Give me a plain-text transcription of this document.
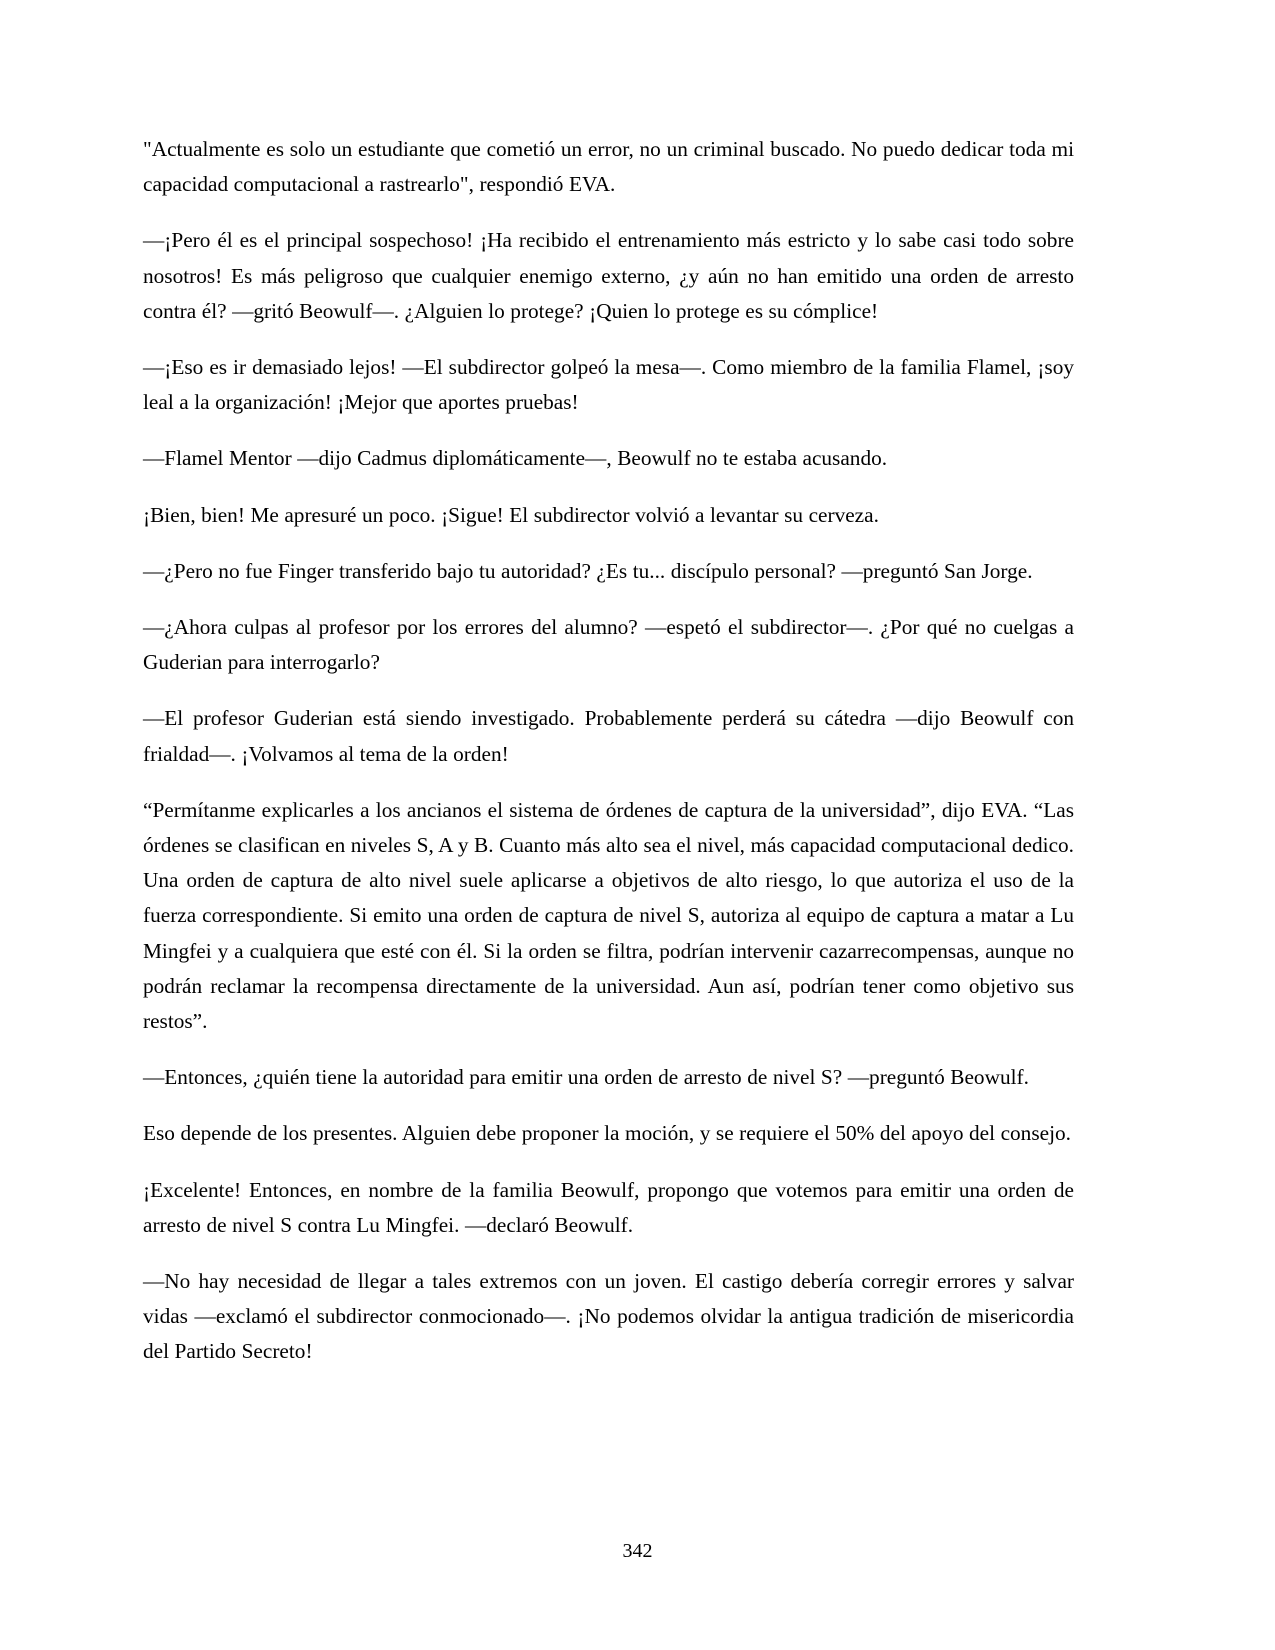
"Actualmente es solo un estudiante que cometió un error, no un criminal buscado. No puedo dedicar toda mi capacidad computacional a rastrearlo", respondió EVA.

—¡Pero él es el principal sospechoso! ¡Ha recibido el entrenamiento más estricto y lo sabe casi todo sobre nosotros! Es más peligroso que cualquier enemigo externo, ¿y aún no han emitido una orden de arresto contra él? —gritó Beowulf—. ¿Alguien lo protege? ¡Quien lo protege es su cómplice!

—¡Eso es ir demasiado lejos! —El subdirector golpeó la mesa—. Como miembro de la familia Flamel, ¡soy leal a la organización! ¡Mejor que aportes pruebas!

—Flamel Mentor —dijo Cadmus diplomáticamente—, Beowulf no te estaba acusando.

¡Bien, bien! Me apresuré un poco. ¡Sigue! El subdirector volvió a levantar su cerveza.

—¿Pero no fue Finger transferido bajo tu autoridad? ¿Es tu... discípulo personal? —preguntó San Jorge.

—¿Ahora culpas al profesor por los errores del alumno? —espetó el subdirector—. ¿Por qué no cuelgas a Guderian para interrogarlo?

—El profesor Guderian está siendo investigado. Probablemente perderá su cátedra —dijo Beowulf con frialdad—. ¡Volvamos al tema de la orden!

“Permítanme explicarles a los ancianos el sistema de órdenes de captura de la universidad”, dijo EVA. “Las órdenes se clasifican en niveles S, A y B. Cuanto más alto sea el nivel, más capacidad computacional dedico. Una orden de captura de alto nivel suele aplicarse a objetivos de alto riesgo, lo que autoriza el uso de la fuerza correspondiente. Si emito una orden de captura de nivel S, autoriza al equipo de captura a matar a Lu Mingfei y a cualquiera que esté con él. Si la orden se filtra, podrían intervenir cazarrecompensas, aunque no podrán reclamar la recompensa directamente de la universidad. Aun así, podrían tener como objetivo sus restos”.

—Entonces, ¿quién tiene la autoridad para emitir una orden de arresto de nivel S? —preguntó Beowulf.

Eso depende de los presentes. Alguien debe proponer la moción, y se requiere el 50% del apoyo del consejo.

¡Excelente! Entonces, en nombre de la familia Beowulf, propongo que votemos para emitir una orden de arresto de nivel S contra Lu Mingfei. —declaró Beowulf.

—No hay necesidad de llegar a tales extremos con un joven. El castigo debería corregir errores y salvar vidas —exclamó el subdirector conmocionado—. ¡No podemos olvidar la antigua tradición de misericordia del Partido Secreto!

342
